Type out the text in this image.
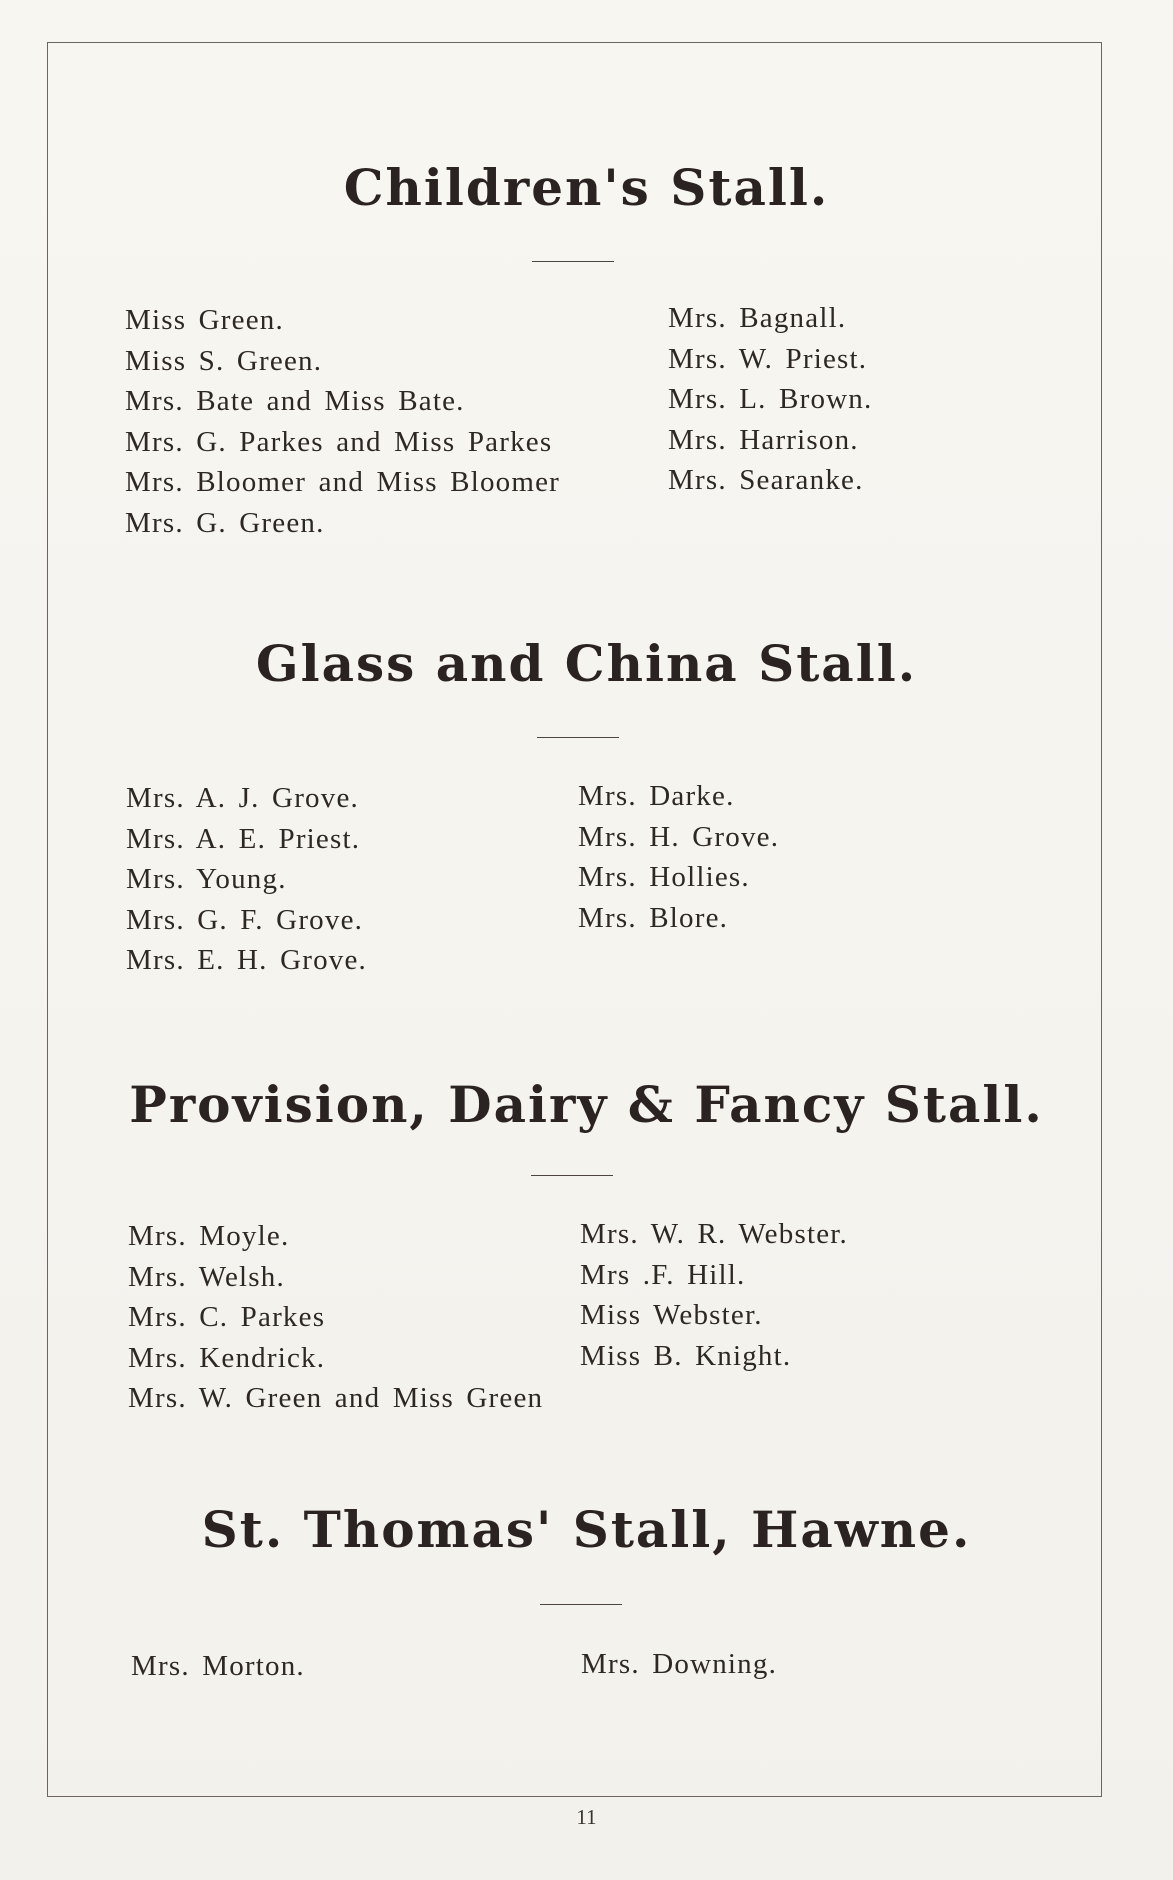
Children's Stall.
Miss Green.
Miss S. Green.
Mrs. Bate and Miss Bate.
Mrs. G. Parkes and Miss Parkes
Mrs. Bloomer and Miss Bloomer
Mrs. G. Green.
Mrs. Bagnall.
Mrs. W. Priest.
Mrs. L. Brown.
Mrs. Harrison.
Mrs. Searanke.
Glass and China Stall.
Mrs. A. J. Grove.
Mrs. A. E. Priest.
Mrs. Young.
Mrs. G. F. Grove.
Mrs. E. H. Grove.
Mrs. Darke.
Mrs. H. Grove.
Mrs. Hollies.
Mrs. Blore.
Provision, Dairy & Fancy Stall.
Mrs. Moyle.
Mrs. Welsh.
Mrs. C. Parkes
Mrs. Kendrick.
Mrs. W. Green and Miss Green
Mrs. W. R. Webster.
Mrs .F. Hill.
Miss Webster.
Miss B. Knight.
St. Thomas' Stall, Hawne.
Mrs. Morton.	Mrs. Downing.
11
